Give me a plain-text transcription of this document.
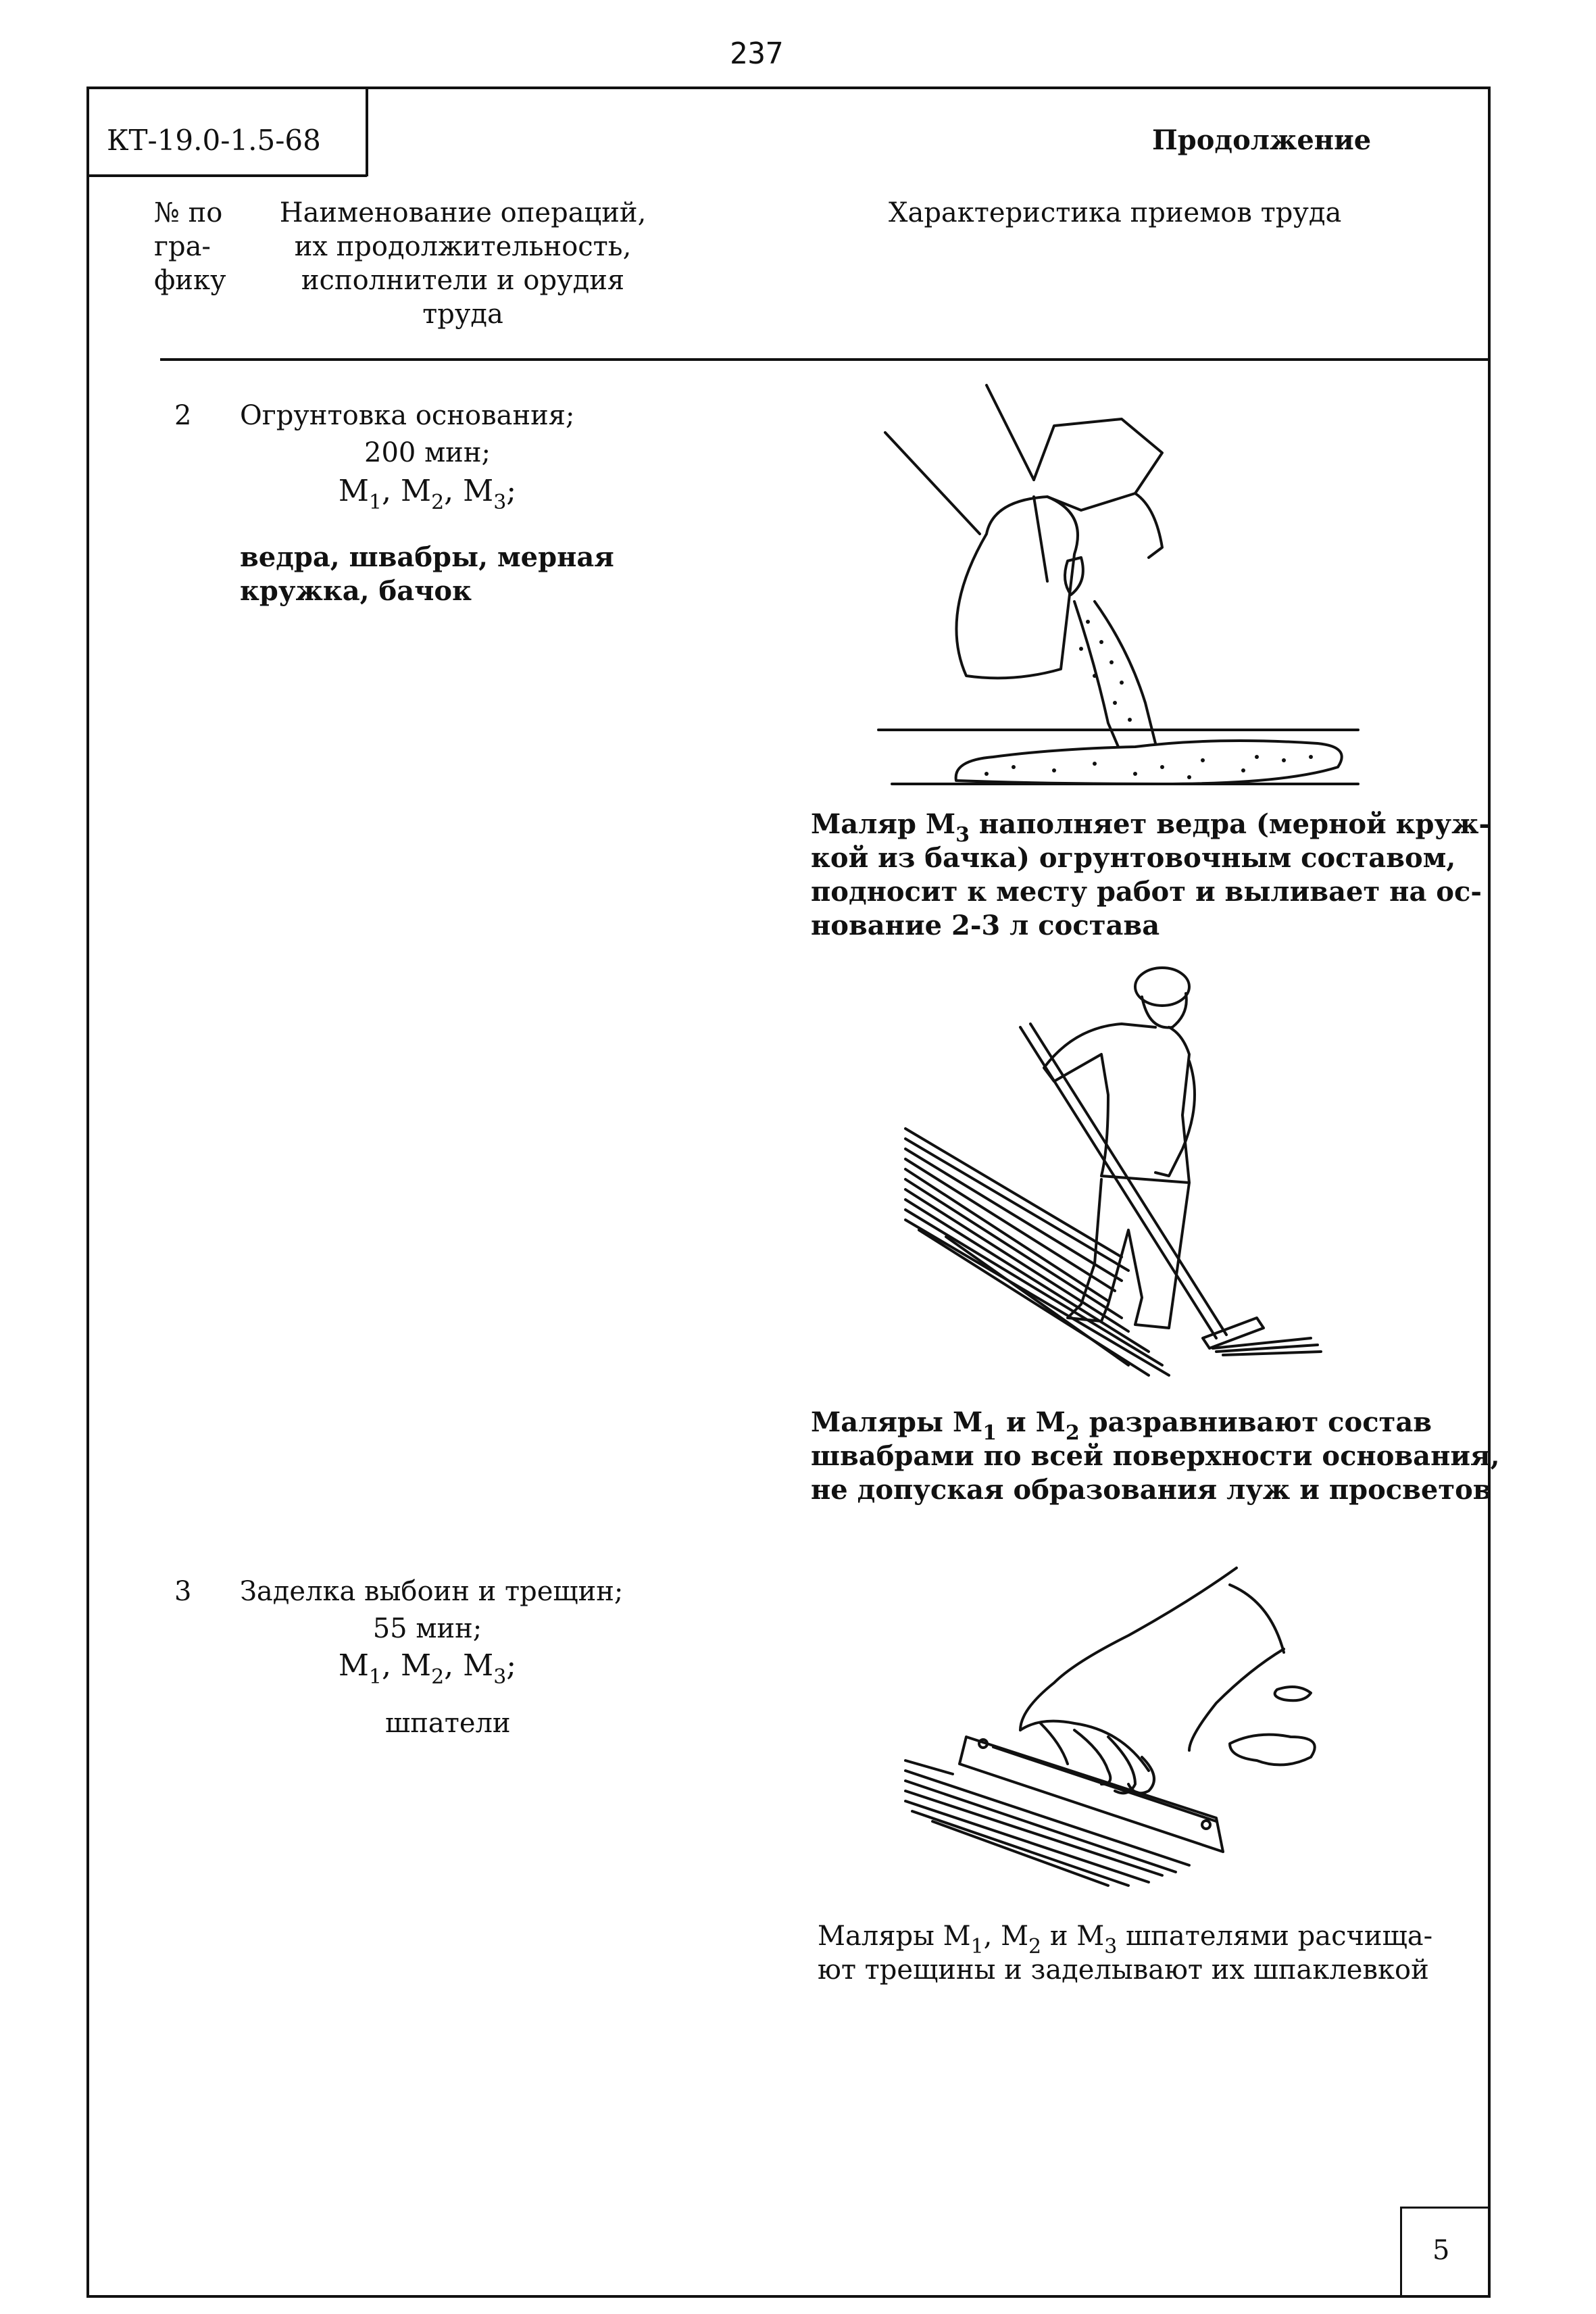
237
КТ-19.0-1.5-68	Продолжение
№ по
гра-
фику
Наименование операций,
их продолжительность,
исполнители и орудия
труда
Характеристика приемов труда
2 Огрунтовка основания;
200 мин;
$М_1$, $М_2$, $М_3$;
ведра, швабры, мерная
кружка, бачок
3 Заделка выбоин и трещин;
55 мин;
$М_1$, $М_2$, $М_3$;
шпатели
Маляр $М_3$ наполняет ведра (мерной круж-
кой из бачка) огрунтовочным составом,
подносит к месту работ и выливает на ос-
нование 2-3 л состава
Маляры $М_1$ и $М_2$ разравнивают состав
швабрами по всей поверхности основания,
не допуская образования луж и просветов
Маляры $М_1$, $М_2$ и $М_3$ шпателями расчища-
ют трещины и заделывают их шпаклевкой
5
